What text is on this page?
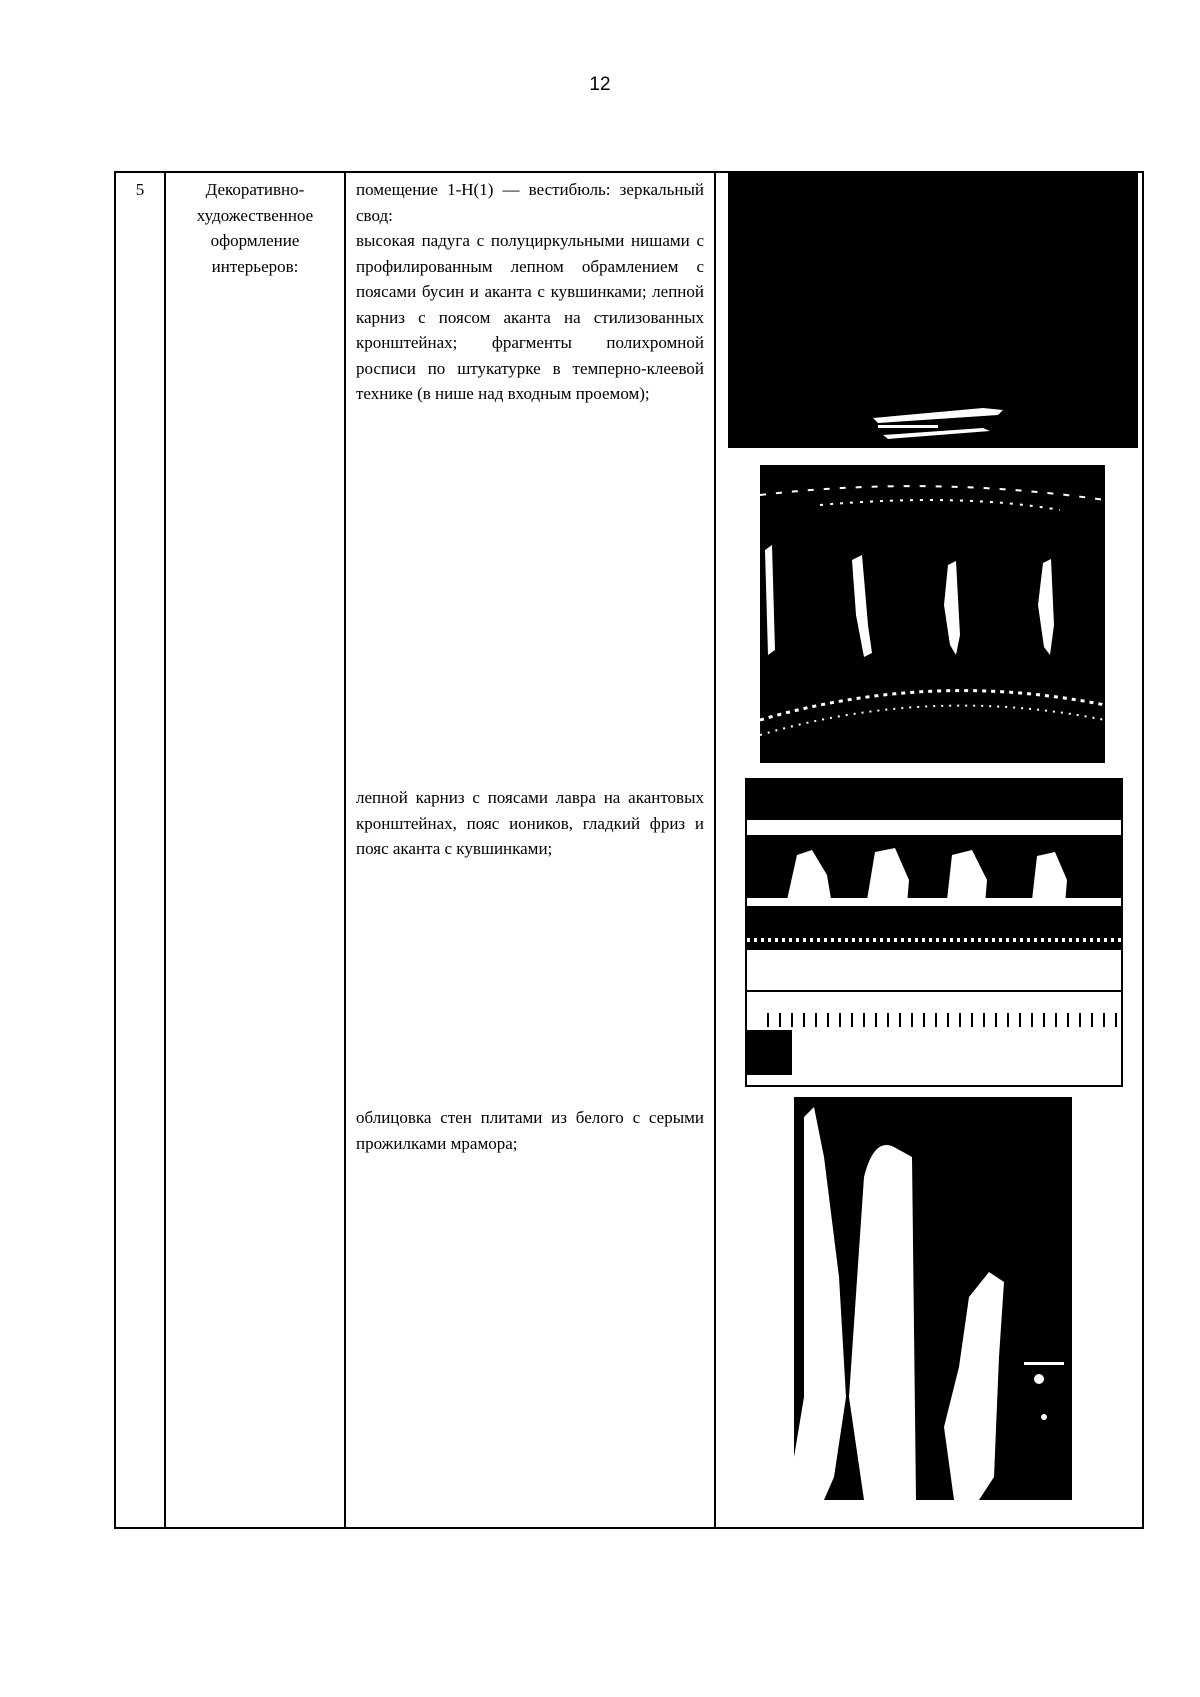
12
5	Декоративно-художественное оформление интерьеров:

помещение 1-Н(1) — вестибюль: зеркальный свод:

высокая падуга с полуциркульными нишами с профилированным лепном обрамлением с поясами бусин и аканта с кувшинками; лепной карниз с поясом аканта на стилизованных кронштейнах; фрагменты полихромной росписи по штукатурке в темперно-клеевой технике (в нише над входным проемом);

лепной карниз с поясами лавра на акантовых кронштейнах, пояс иоников, гладкий фриз и пояс аканта с кувшинками;

облицовка стен плитами из белого с серыми прожилками мрамора;
